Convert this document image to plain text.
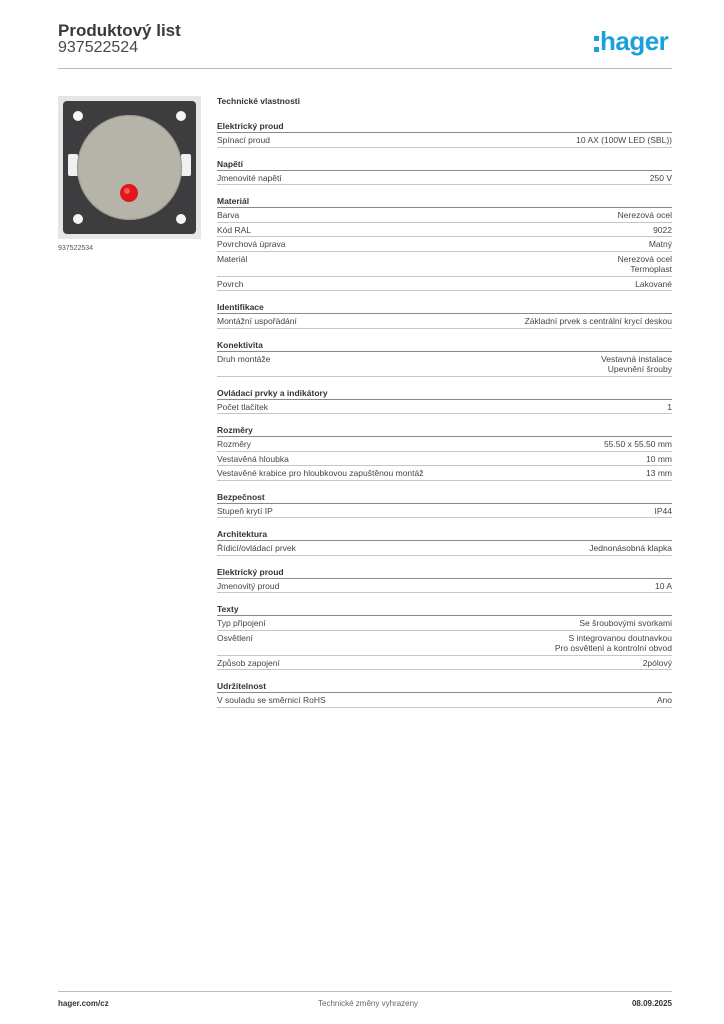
Produktový list
937522524	hager
937522534
Technické vlastnosti
Elektrický proud
Spínací proud	10 AX (100W LED (SBL))
Napětí
Jmenovité napětí	250 V
Materiál
Barva	Nerezová ocel
Kód RAL	9022
Povrchová úprava	Matný
Materiál	Nerezová ocel
Termoplast
Povrch	Lakované
Identifikace
Montážní uspořádání	Základní prvek s centrální krycí deskou
Konektivita
Druh montáže	Vestavná instalace
Upevnění šrouby
Ovládací prvky a indikátory
Počet tlačítek	1
Rozměry
Rozměry	55.50 x 55.50 mm
Vestavěná hloubka	10 mm
Vestavěné krabice pro hloubkovou zapuštěnou montáž	13 mm
Bezpečnost
Stupeň krytí IP	IP44
Architektura
Řídicí/ovládací prvek	Jednonásobná klapka
Elektrický proud
Jmenovitý proud	10 A
Texty
Typ připojení	Se šroubovými svorkami
Osvětlení	S integrovanou doutnavkou
Pro osvětlení a kontrolní obvod
Způsob zapojení	2pólový
Udržitelnost
V souladu se směrnicí RoHS	Ano
hager.com/cz	Technické změny vyhrazeny	08.09.2025
